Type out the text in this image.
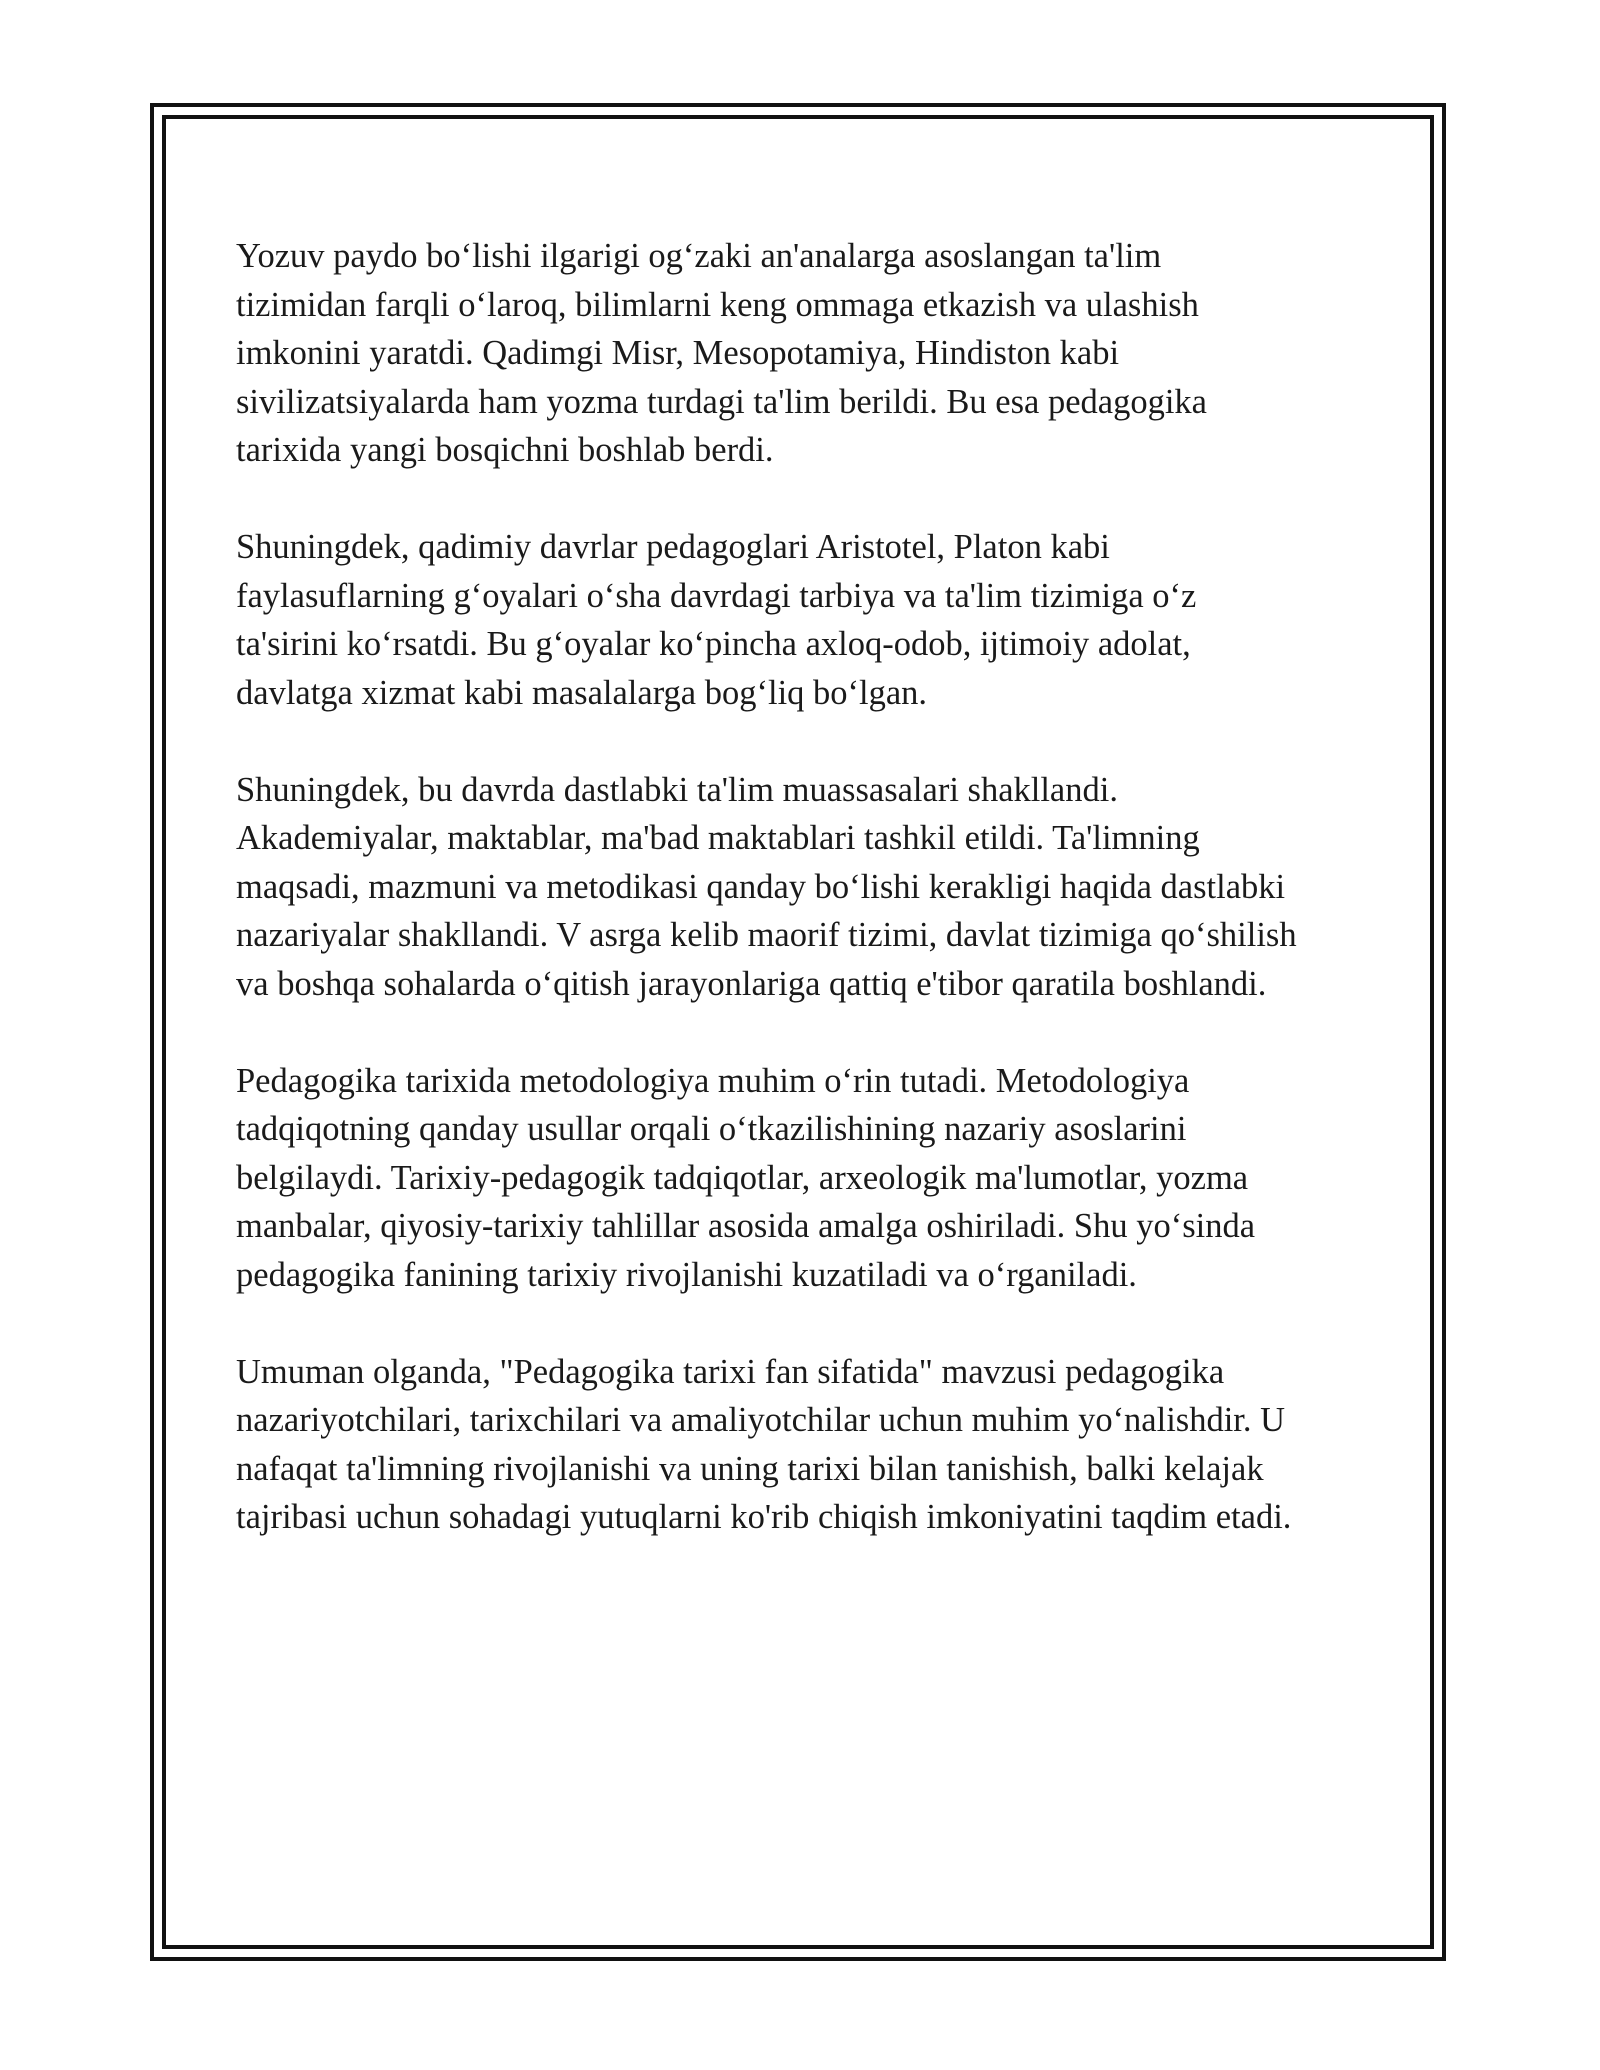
Yozuv paydo bo‘lishi ilgarigi og‘zaki an'analarga asoslangan ta'lim
tizimidan farqli o‘laroq, bilimlarni keng ommaga etkazish va ulashish
imkonini yaratdi. Qadimgi Misr, Mesopotamiya, Hindiston kabi
sivilizatsiyalarda ham yozma turdagi ta'lim berildi. Bu esa pedagogika
tarixida yangi bosqichni boshlab berdi.

Shuningdek, qadimiy davrlar pedagoglari Aristotel, Platon kabi
faylasuflarning g‘oyalari o‘sha davrdagi tarbiya va ta'lim tizimiga o‘z
ta'sirini ko‘rsatdi. Bu g‘oyalar ko‘pincha axloq-odob, ijtimoiy adolat,
davlatga xizmat kabi masalalarga bog‘liq bo‘lgan.

Shuningdek, bu davrda dastlabki ta'lim muassasalari shakllandi.
Akademiyalar, maktablar, ma'bad maktablari tashkil etildi. Ta'limning
maqsadi, mazmuni va metodikasi qanday bo‘lishi kerakligi haqida dastlabki
nazariyalar shakllandi. V asrga kelib maorif tizimi, davlat tizimiga qo‘shilish
va boshqa sohalarda o‘qitish jarayonlariga qattiq e'tibor qaratila boshlandi.

Pedagogika tarixida metodologiya muhim o‘rin tutadi. Metodologiya
tadqiqotning qanday usullar orqali o‘tkazilishining nazariy asoslarini
belgilaydi. Tarixiy-pedagogik tadqiqotlar, arxeologik ma'lumotlar, yozma
manbalar, qiyosiy-tarixiy tahlillar asosida amalga oshiriladi. Shu yo‘sinda
pedagogika fanining tarixiy rivojlanishi kuzatiladi va o‘rganiladi.

Umuman olganda, "Pedagogika tarixi fan sifatida" mavzusi pedagogika
nazariyotchilari, tarixchilari va amaliyotchilar uchun muhim yo‘nalishdir. U
nafaqat ta'limning rivojlanishi va uning tarixi bilan tanishish, balki kelajak
tajribasi uchun sohadagi yutuqlarni ko'rib chiqish imkoniyatini taqdim etadi.
